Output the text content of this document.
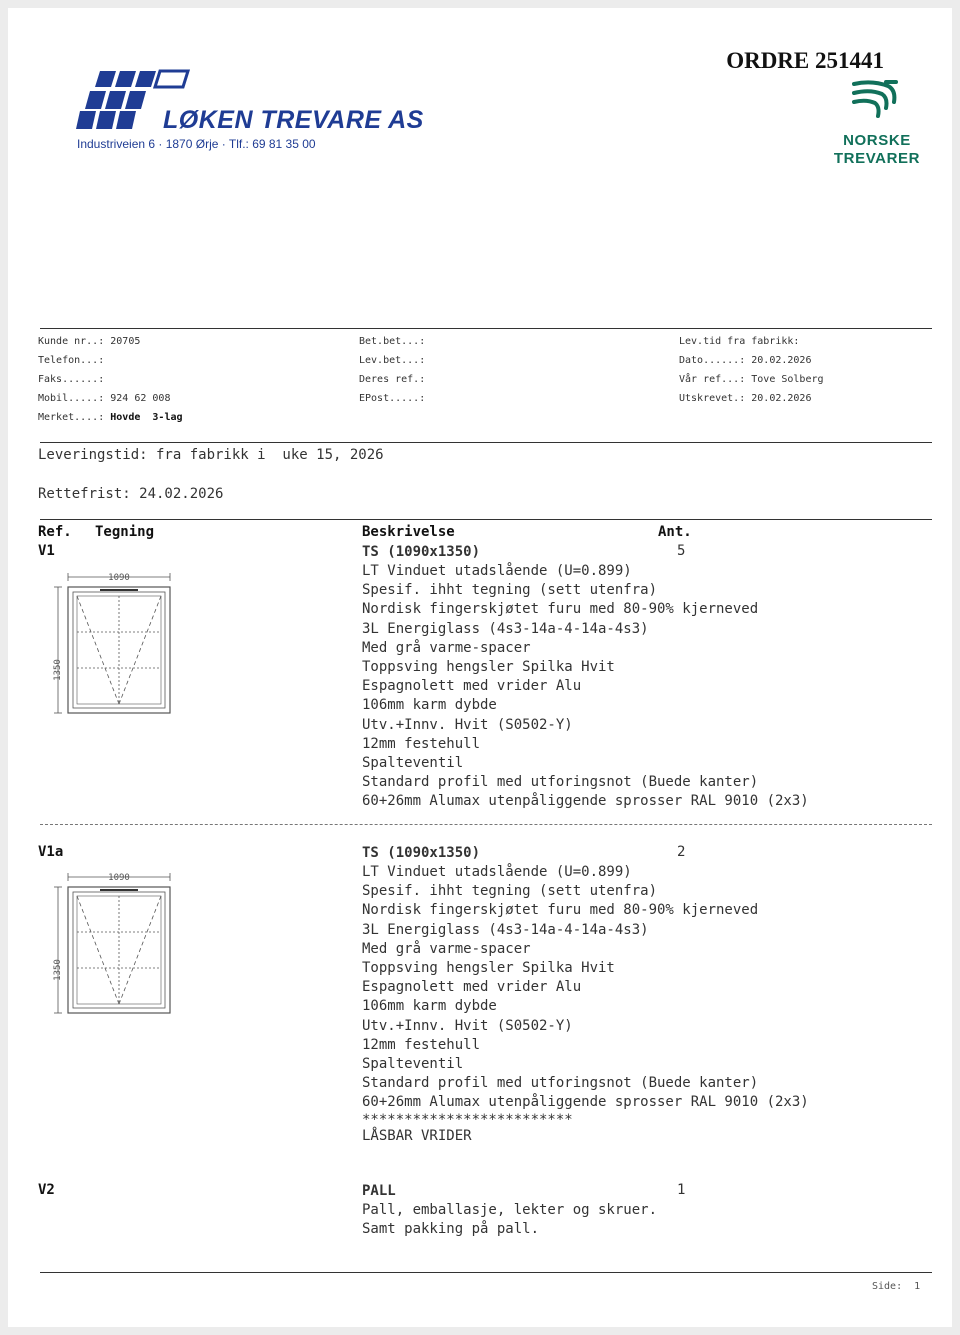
LØKEN TREVARE AS
Industriveien 6 · 1870 Ørje · Tlf.: 69 81 35 00
ORDRE 251441
NORSKE
TREVARER
Kunde nr..: 20705
Telefon...:
Faks......:
Mobil.....: 924 62 008
Merket....: Hovde  3-lag
Bet.bet...:
Lev.bet...:
Deres ref.:
EPost.....:
Lev.tid fra fabrikk:
Dato......: 20.02.2026
Vår ref...: Tove Solberg
Utskrevet.: 20.02.2026
Leveringstid: fra fabrikk i  uke 15, 2026
Rettefrist: 24.02.2026
Ref. Tegning	Beskrivelse	Ant.
V1	TS (1090x1350)	5
LT Vinduet utadslående (U=0.899)
Spesif. ihht tegning (sett utenfra)
Nordisk fingerskjøtet furu med 80-90% kjerneved
3L Energiglass (4s3-14a-4-14a-4s3)
Med grå varme-spacer
Toppsving hengsler Spilka Hvit
Espagnolett med vrider Alu
106mm karm dybde
Utv.+Innv. Hvit (S0502-Y)
12mm festehull
Spalteventil
Standard profil med utforingsnot (Buede kanter)
60+26mm Alumax utenpåliggende sprosser RAL 9010 (2x3)
1090
1350
V1a	TS (1090x1350)	2
LT Vinduet utadslående (U=0.899)
Spesif. ihht tegning (sett utenfra)
Nordisk fingerskjøtet furu med 80-90% kjerneved
3L Energiglass (4s3-14a-4-14a-4s3)
Med grå varme-spacer
Toppsving hengsler Spilka Hvit
Espagnolett med vrider Alu
106mm karm dybde
Utv.+Innv. Hvit (S0502-Y)
12mm festehull
Spalteventil
Standard profil med utforingsnot (Buede kanter)
60+26mm Alumax utenpåliggende sprosser RAL 9010 (2x3)
*************************
LÅSBAR VRIDER
1090
1350
V2	PALL	1
Pall, emballasje, lekter og skruer.
Samt pakking på pall.
Side:  1
